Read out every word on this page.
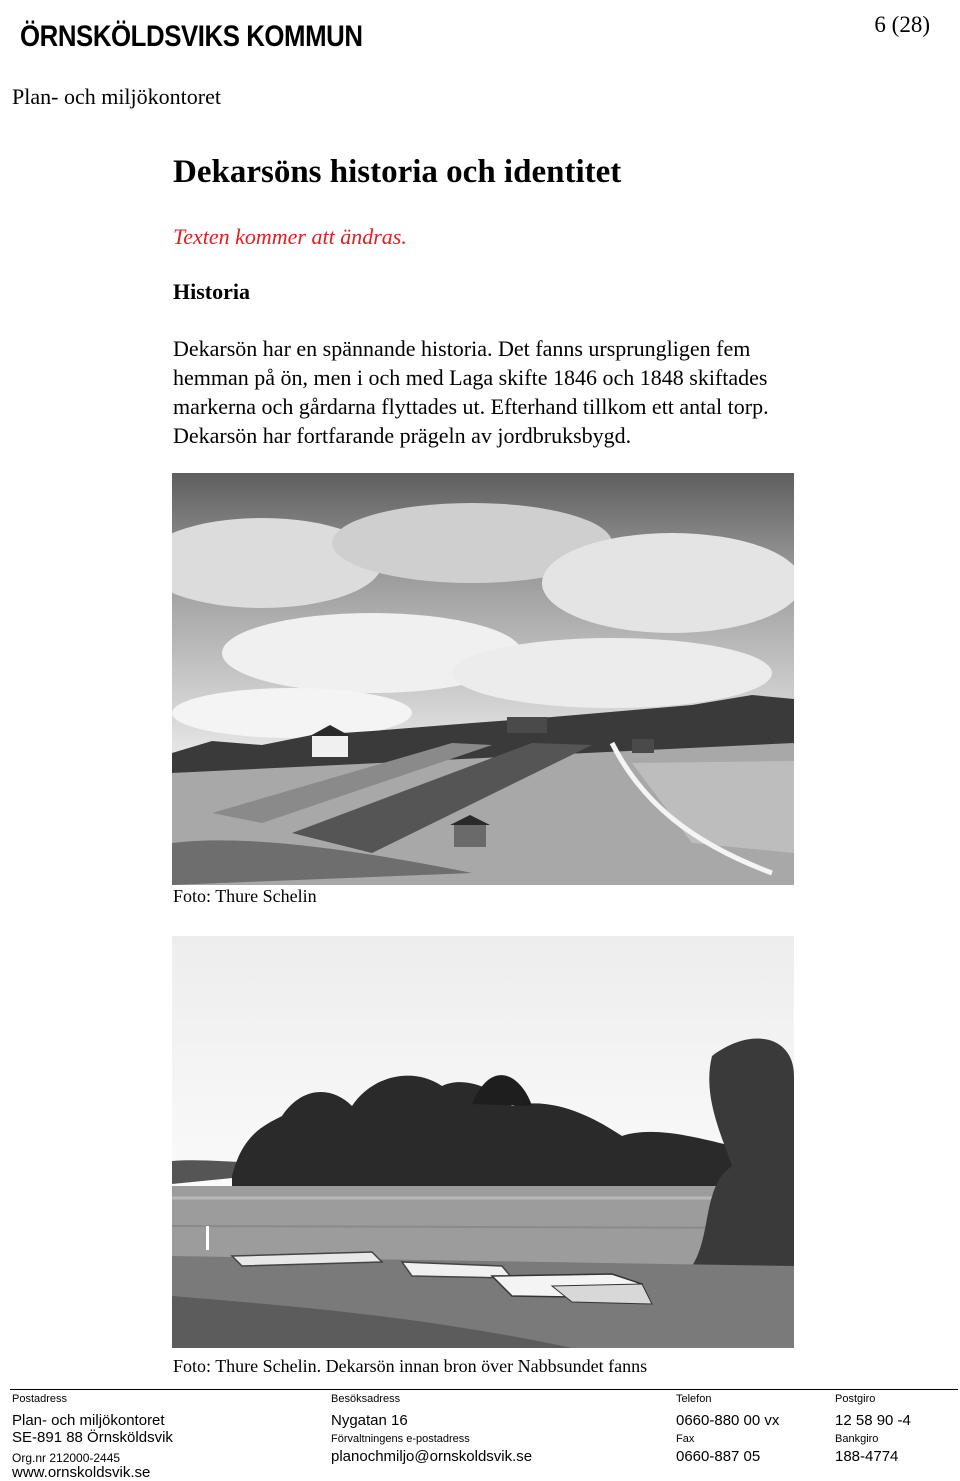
ÖRNSKÖLDSVIKS KOMMUN	6 (28)
Plan- och miljökontoret
Dekarsöns historia och identitet
Texten kommer att ändras.
Historia
Dekarsön har en spännande historia. Det fanns ursprungligen fem
hemman på ön, men i och med Laga skifte 1846 och 1848 skiftades
markerna och gårdarna flyttades ut. Efterhand tillkom ett antal torp.
Dekarsön har fortfarande prägeln av jordbruksbygd.
Foto: Thure Schelin
Foto: Thure Schelin. Dekarsön innan bron över Nabbsundet fanns
Postadress
Plan- och miljökontoret
SE-891 88 Örnsköldsvik
Org.nr 212000-2445
www.ornskoldsvik.se
Besöksadress
Nygatan 16
Förvaltningens e-postadress
planochmiljo@ornskoldsvik.se
Telefon
0660-880 00 vx
Fax
0660-887 05
Postgiro
12 58 90 -4
Bankgiro
188-4774
